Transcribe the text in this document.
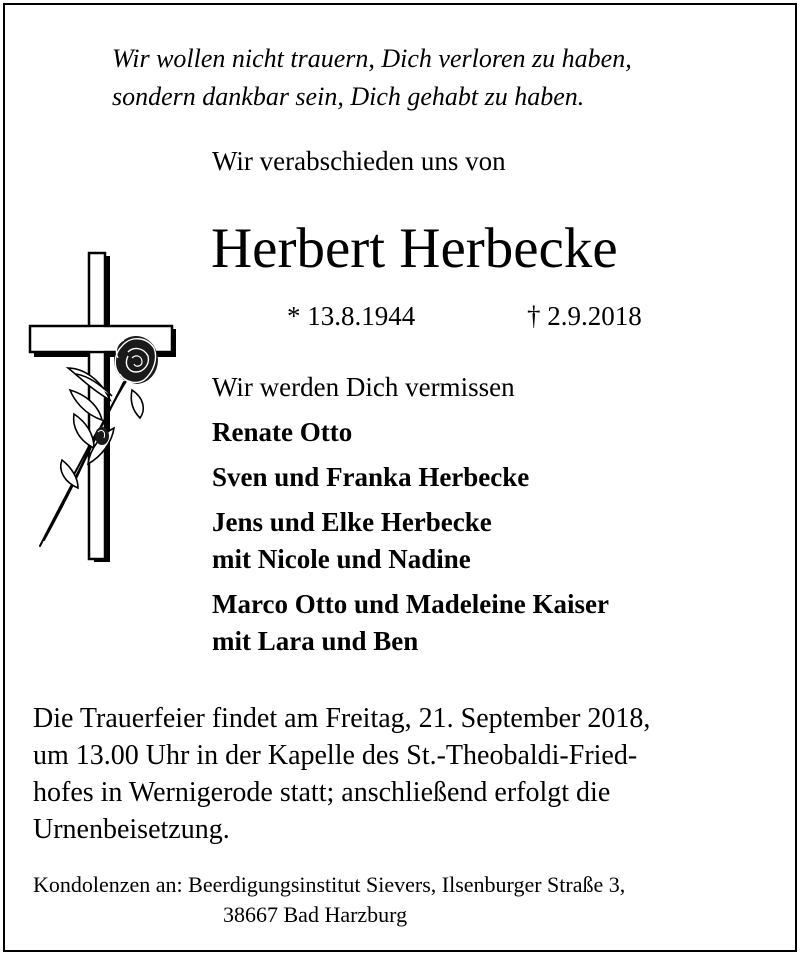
Wir wollen nicht trauern, Dich verloren zu haben,
sondern dankbar sein, Dich gehabt zu haben.
Wir verabschieden uns von
Herbert Herbecke
* 13.8.1944	† 2.9.2018
Wir werden Dich vermissen
Renate Otto
Sven und Franka Herbecke
Jens und Elke Herbecke
mit Nicole und Nadine
Marco Otto und Madeleine Kaiser
mit Lara und Ben
Die Trauerfeier findet am Freitag, 21. September 2018,
um 13.00 Uhr in der Kapelle des St.-Theobaldi-Fried-
hofes in Wernigerode statt; anschließend erfolgt die
Urnenbeisetzung.
Kondolenzen an: Beerdigungsinstitut Sievers, Ilsenburger Straße 3,
38667 Bad Harzburg
